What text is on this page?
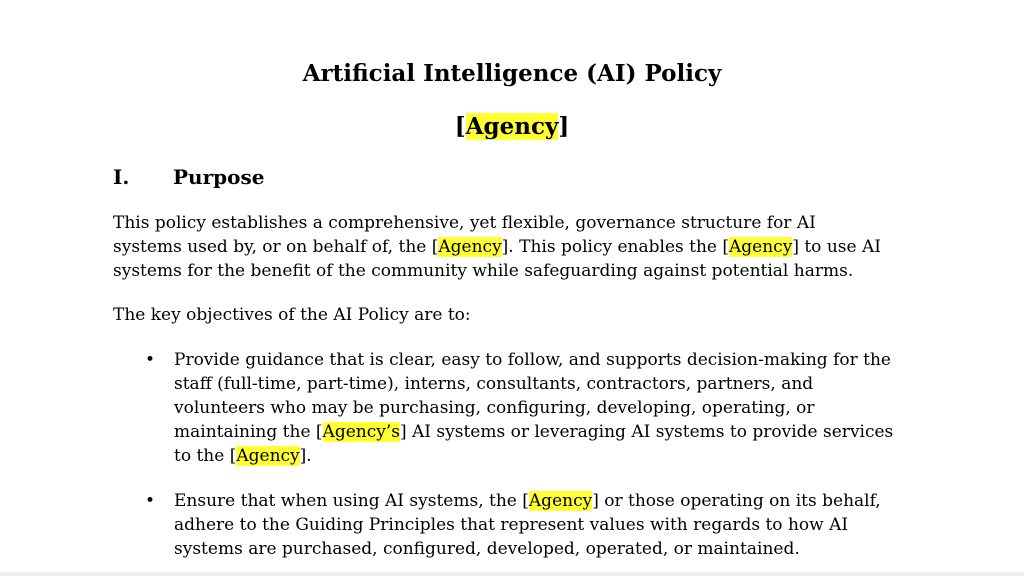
Artificial Intelligence (AI) Policy
[Agency]
I. Purpose
This policy establishes a comprehensive, yet flexible, governance structure for AI
systems used by, or on behalf of, the [Agency]. This policy enables the [Agency] to use AI
systems for the benefit of the community while safeguarding against potential harms.
The key objectives of the AI Policy are to:
• Provide guidance that is clear, easy to follow, and supports decision-making for the
staff (full-time, part-time), interns, consultants, contractors, partners, and
volunteers who may be purchasing, configuring, developing, operating, or
maintaining the [Agency’s] AI systems or leveraging AI systems to provide services
to the [Agency].
• Ensure that when using AI systems, the [Agency] or those operating on its behalf,
adhere to the Guiding Principles that represent values with regards to how AI
systems are purchased, configured, developed, operated, or maintained.
